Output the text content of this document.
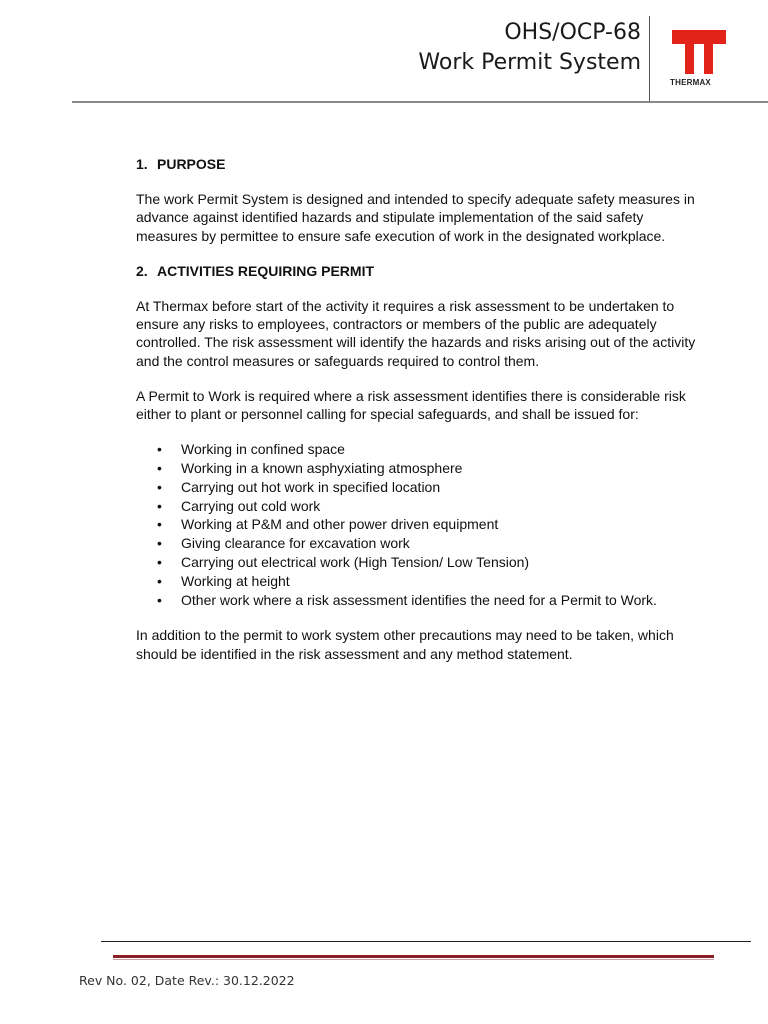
OHS/OCP-68
Work Permit System
THERMAX
1. PURPOSE

The work Permit System is designed and intended to specify adequate safety measures in advance against identified hazards and stipulate implementation of the said safety measures by permittee to ensure safe execution of work in the designated workplace.

2. ACTIVITIES REQUIRING PERMIT

At Thermax before start of the activity it requires a risk assessment to be undertaken to ensure any risks to employees, contractors or members of the public are adequately controlled. The risk assessment will identify the hazards and risks arising out of the activity and the control measures or safeguards required to control them.

A Permit to Work is required where a risk assessment identifies there is considerable risk either to plant or personnel calling for special safeguards, and shall be issued for:

• Working in confined space
• Working in a known asphyxiating atmosphere
• Carrying out hot work in specified location
• Carrying out cold work
• Working at P&M and other power driven equipment
• Giving clearance for excavation work
• Carrying out electrical work (High Tension/ Low Tension)
• Working at height
• Other work where a risk assessment identifies the need for a Permit to Work.

In addition to the permit to work system other precautions may need to be taken, which should be identified in the risk assessment and any method statement.

Rev No. 02, Date Rev.: 30.12.2022
